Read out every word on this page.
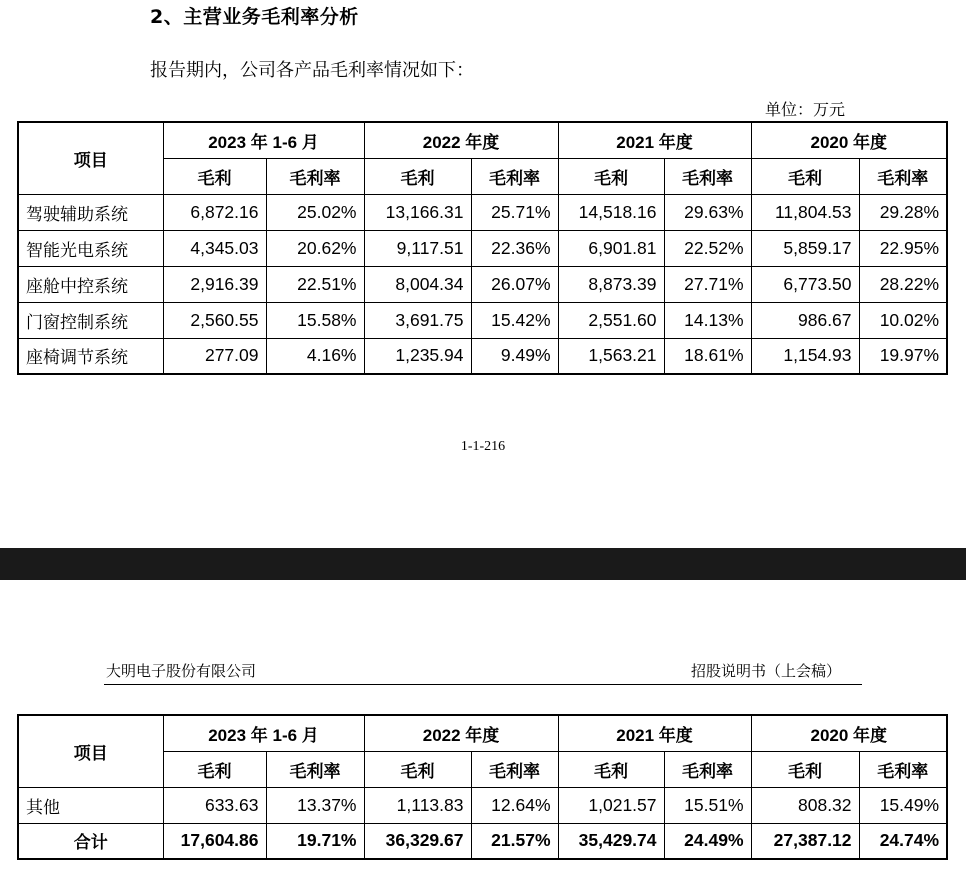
2、主营业务毛利率分析
报告期内，公司各产品毛利率情况如下：
单位：万元
项目	2023 年 1-6 月		2022 年度		2021 年度		2020 年度	
	毛利	毛利率	毛利	毛利率	毛利	毛利率	毛利	毛利率
驾驶辅助系统	6,872.16	25.02%	13,166.31	25.71%	14,518.16	29.63%	11,804.53	29.28%
智能光电系统	4,345.03	20.62%	9,117.51	22.36%	6,901.81	22.52%	5,859.17	22.95%
座舱中控系统	2,916.39	22.51%	8,004.34	26.07%	8,873.39	27.71%	6,773.50	28.22%
门窗控制系统	2,560.55	15.58%	3,691.75	15.42%	2,551.60	14.13%	986.67	10.02%
座椅调节系统	277.09	4.16%	1,235.94	9.49%	1,563.21	18.61%	1,154.93	19.97%
1-1-216
大明电子股份有限公司	招股说明书（上会稿）
项目	2023 年 1-6 月		2022 年度		2021 年度		2020 年度	
	毛利	毛利率	毛利	毛利率	毛利	毛利率	毛利	毛利率
其他	633.63	13.37%	1,113.83	12.64%	1,021.57	15.51%	808.32	15.49%
合计	17,604.86	19.71%	36,329.67	21.57%	35,429.74	24.49%	27,387.12	24.74%
